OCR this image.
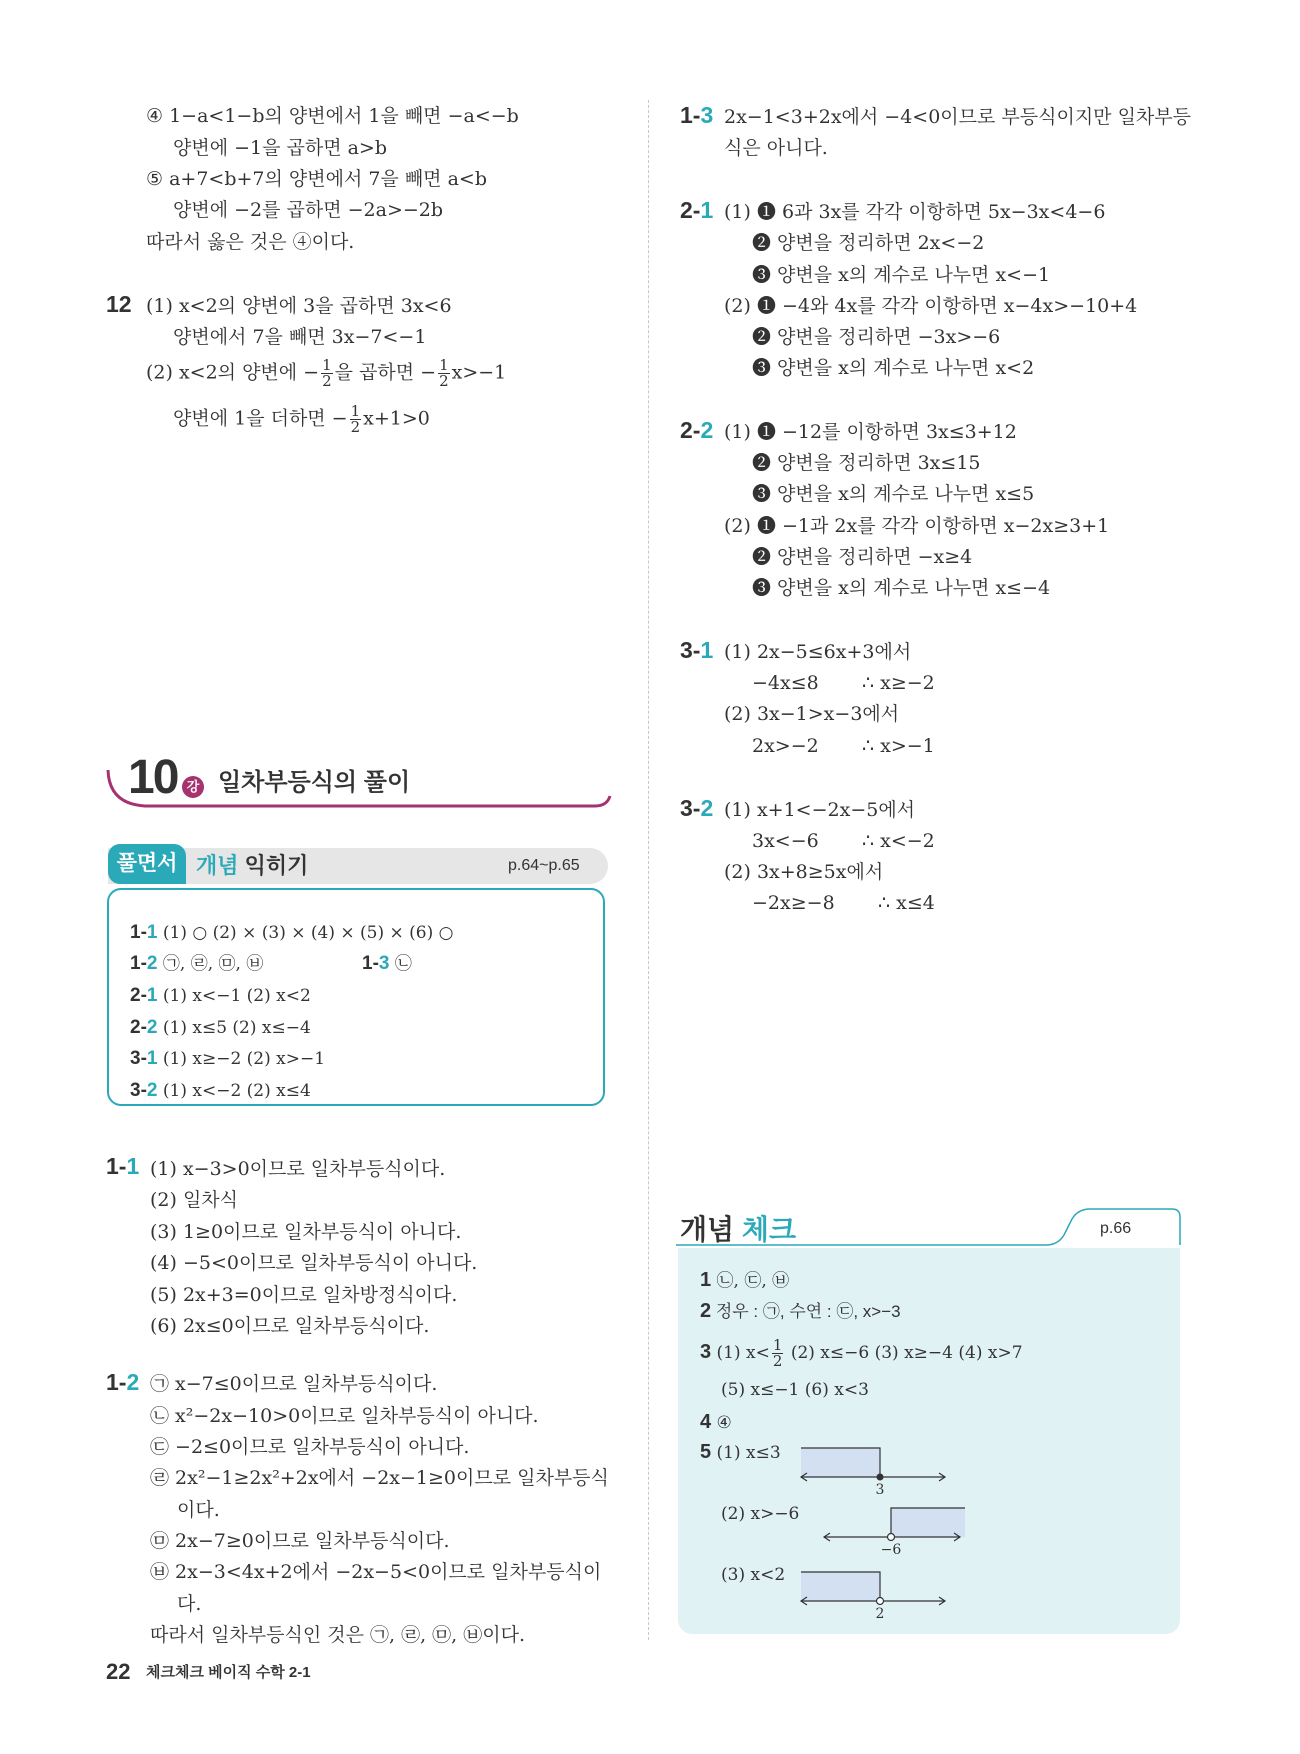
④ 1−a<1−b의 양변에서 1을 빼면 −a<−b
양변에 −1을 곱하면 a>b
⑤ a+7<b+7의 양변에서 7을 빼면 a<b
양변에 −2를 곱하면 −2a>−2b
따라서 옳은 것은 ④이다.
12 (1) x<2의 양변에 3을 곱하면 3x<6
양변에서 7을 빼면 3x−7<−1
(2) x<2의 양변에 − $\frac{1}{2}$ 을 곱하면 − $\frac{1}{2} x>-1$
양변에 1을 더하면 − $\frac{1}{2} x+1>0$
10 강 일차부등식의 풀이
풀면서 개념 익히기	p.64~p.65
1-1 (1) ○ (2) × (3) × (4) × (5) × (6) ○
1-2 ㉠, ㉣, ㉤, ㉥	1-3 ㉡
2-1 (1) x<−1 (2) x<2
2-2 (1) x≤5 (2) x≤−4
3-1 (1) x≥−2 (2) x>−1
3-2 (1) x<−2 (2) x≤4
1-1 (1) x−3>0이므로 일차부등식이다.
(2) 일차식
(3) 1≥0이므로 일차부등식이 아니다.
(4) −5<0이므로 일차부등식이 아니다.
(5) 2x+3=0이므로 일차방정식이다.
(6) 2x≤0이므로 일차부등식이다.
1-2 ㉠ x−7≤0이므로 일차부등식이다.
㉡ x²−2x−10>0이므로 일차부등식이 아니다.
㉢ −2≤0이므로 일차부등식이 아니다.
㉣ 2x²−1≥2x²+2x에서 −2x−1≥0이므로 일차부등식
이다.
㉤ 2x−7≥0이므로 일차부등식이다.
㉥ 2x−3<4x+2에서 −2x−5<0이므로 일차부등식이
다.
따라서 일차부등식인 것은 ㉠, ㉣, ㉤, ㉥이다.
1-3 2x−1<3+2x에서 −4<0이므로 부등식이지만 일차부등
식은 아니다.
2-1 (1) ❶ 6과 3x를 각각 이항하면 5x−3x<4−6
❷ 양변을 정리하면 2x<−2
❸ 양변을 x의 계수로 나누면 x<−1
(2) ❶ −4와 4x를 각각 이항하면 x−4x>−10+4
❷ 양변을 정리하면 −3x>−6
❸ 양변을 x의 계수로 나누면 x<2
2-2 (1) ❶ −12를 이항하면 3x≤3+12
❷ 양변을 정리하면 3x≤15
❸ 양변을 x의 계수로 나누면 x≤5
(2) ❶ −1과 2x를 각각 이항하면 x−2x≥3+1
❷ 양변을 정리하면 −x≥4
❸ 양변을 x의 계수로 나누면 x≤−4
3-1 (1) 2x−5≤6x+3에서
−4x≤8 ∴ x≥−2
(2) 3x−1>x−3에서
2x>−2 ∴ x>−1
3-2 (1) x+1<−2x−5에서
3x<−6 ∴ x<−2
(2) 3x+8≥5x에서
−2x≥−8 ∴ x≤4
개념 체크	p.66
1 ㉡, ㉢, ㉥
2 정우 : ㉠, 수연 : ㉢, x>−3
3 (1) $x< \frac{1}{2} (2)$ x≤−6 (3) x≥−4 (4) x>7
(5) x≤−1 (6) x<3
4 ④
5 (1) x≤3
3
(2) x>−6
−6
(3) x<2
2
22 체크체크 베이직 수학 2-1
